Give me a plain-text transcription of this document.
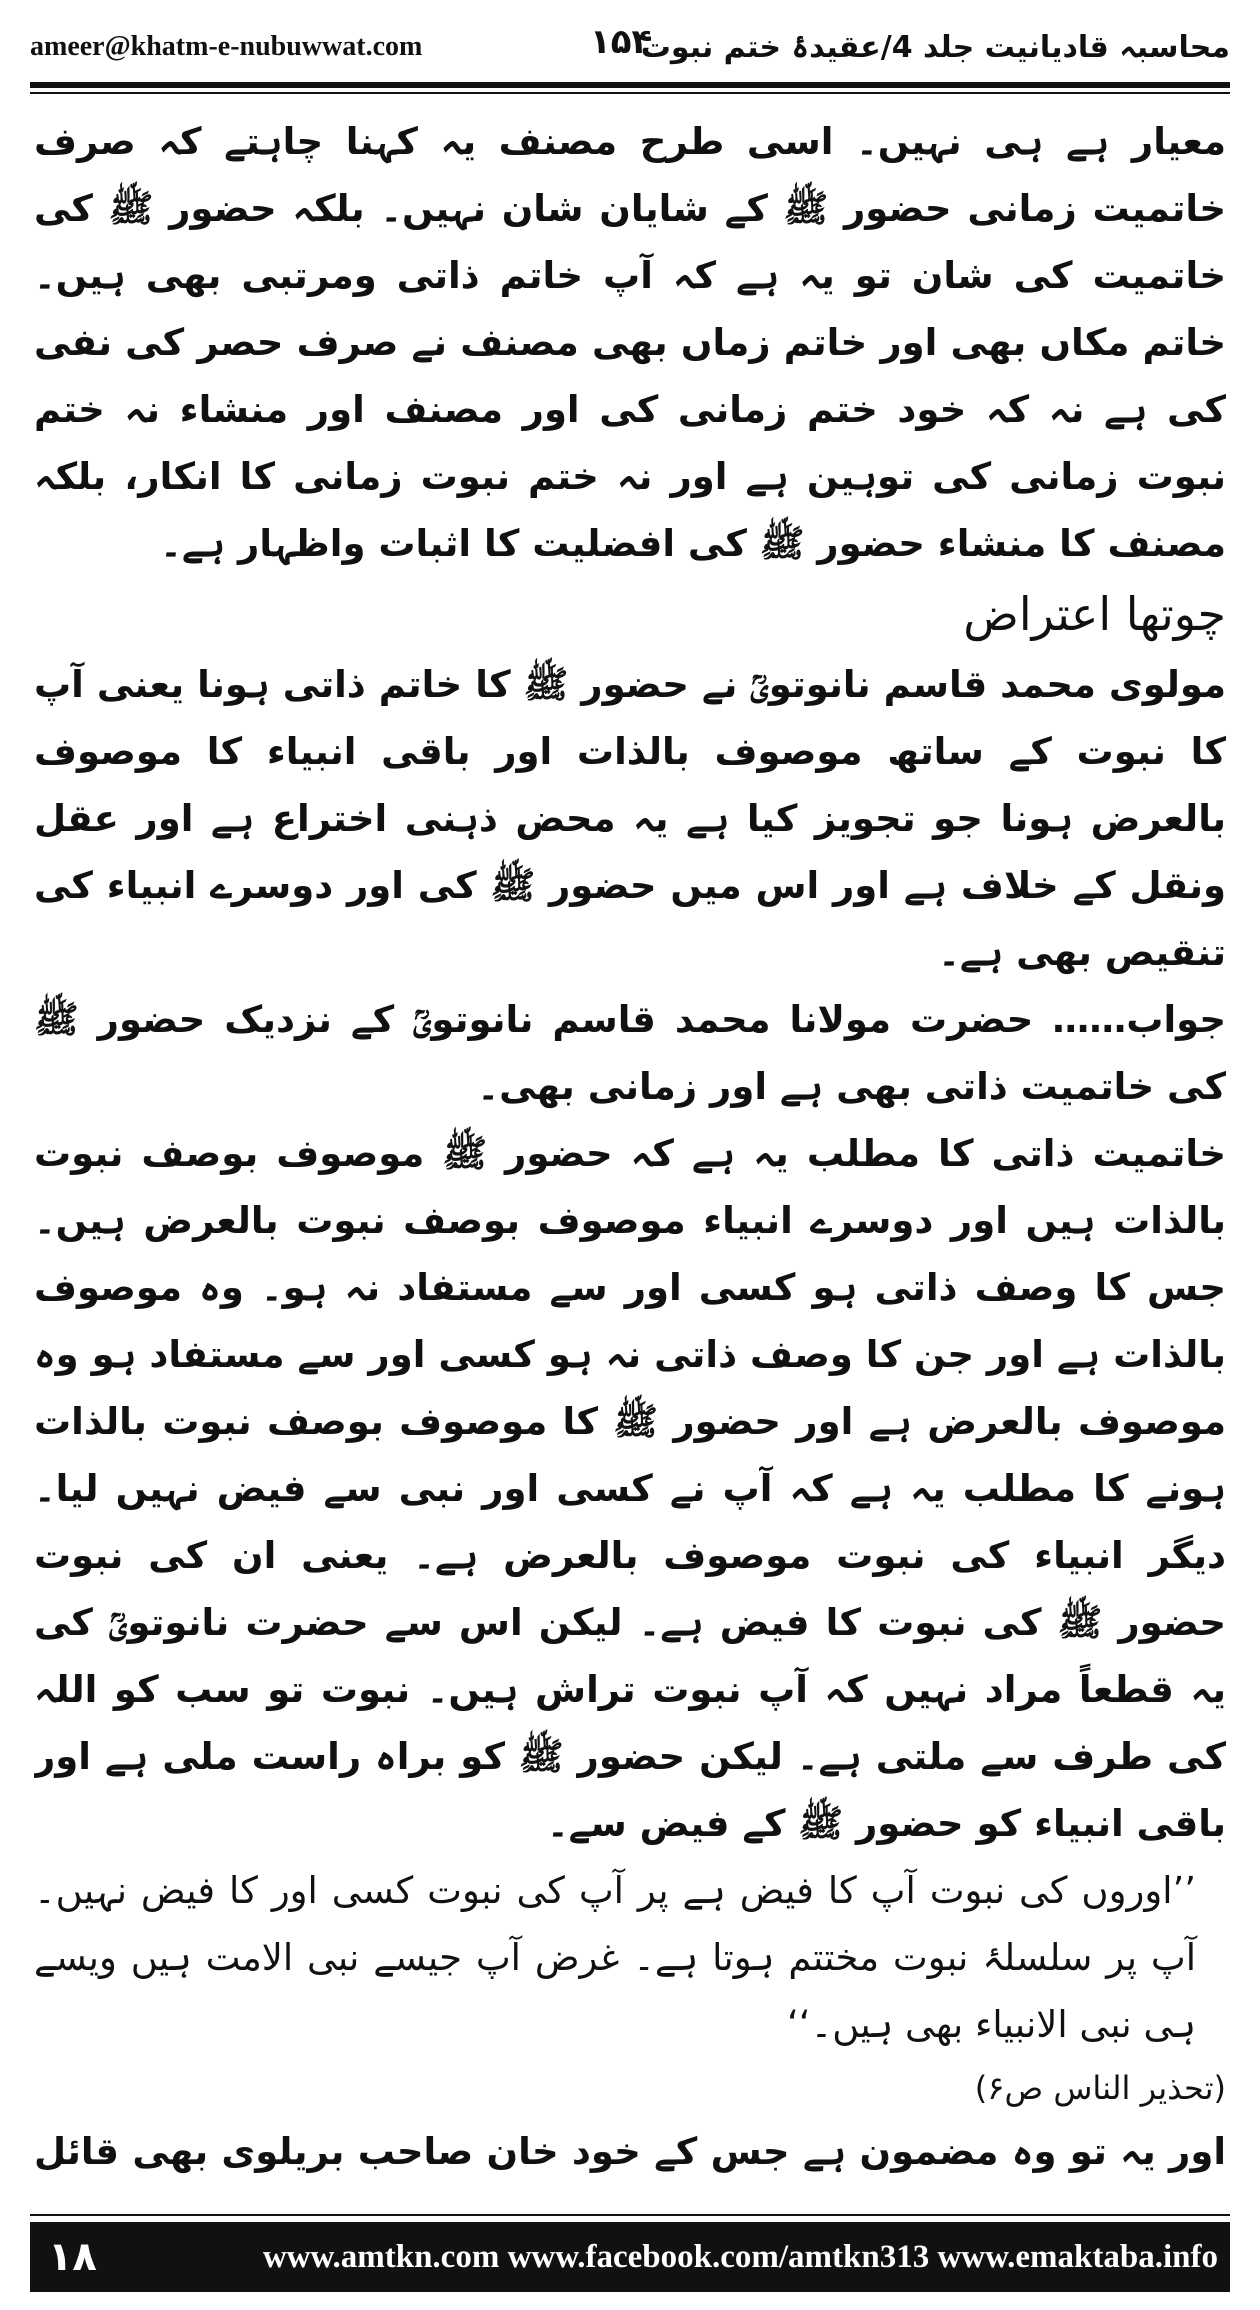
ameer@khatm-e-nubuwwat.com	۱۵۴
محاسبہ قادیانیت جلد 4/عقیدۂ ختم نبوت

معیار ہے ہی نہیں۔ اسی طرح مصنف یہ کہنا چاہتے کہ صرف خاتمیت زمانی حضور ﷺ کے شایان شان نہیں۔ بلکہ حضور ﷺ کی خاتمیت کی شان تو یہ ہے کہ آپ خاتم ذاتی ومرتبی بھی ہیں۔ خاتم مکاں بھی اور خاتم زماں بھی مصنف نے صرف حصر کی نفی کی ہے نہ کہ خود ختم زمانی کی اور مصنف اور منشاء نہ ختم نبوت زمانی کی توہین ہے اور نہ ختم نبوت زمانی کا انکار، بلکہ مصنف کا منشاء حضور ﷺ کی افضلیت کا اثبات واظہار ہے۔

چوتھا اعتراض

مولوی محمد قاسم نانوتویؒ نے حضور ﷺ کا خاتم ذاتی ہونا یعنی آپ کا نبوت کے ساتھ موصوف بالذات اور باقی انبیاء کا موصوف بالعرض ہونا جو تجویز کیا ہے یہ محض ذہنی اختراع ہے اور عقل ونقل کے خلاف ہے اور اس میں حضور ﷺ کی اور دوسرے انبیاء کی تنقیص بھی ہے۔

جواب…… حضرت مولانا محمد قاسم نانوتویؒ کے نزدیک حضور ﷺ کی خاتمیت ذاتی بھی ہے اور زمانی بھی۔

خاتمیت ذاتی کا مطلب یہ ہے کہ حضور ﷺ موصوف بوصف نبوت بالذات ہیں اور دوسرے انبیاء موصوف بوصف نبوت بالعرض ہیں۔ جس کا وصف ذاتی ہو کسی اور سے مستفاد نہ ہو۔ وہ موصوف بالذات ہے اور جن کا وصف ذاتی نہ ہو کسی اور سے مستفاد ہو وہ موصوف بالعرض ہے اور حضور ﷺ کا موصوف بوصف نبوت بالذات ہونے کا مطلب یہ ہے کہ آپ نے کسی اور نبی سے فیض نہیں لیا۔ دیگر انبیاء کی نبوت موصوف بالعرض ہے۔ یعنی ان کی نبوت حضور ﷺ کی نبوت کا فیض ہے۔ لیکن اس سے حضرت نانوتویؒ کی یہ قطعاً مراد نہیں کہ آپ نبوت تراش ہیں۔ نبوت تو سب کو اللہ کی طرف سے ملتی ہے۔ لیکن حضور ﷺ کو براہ راست ملی ہے اور باقی انبیاء کو حضور ﷺ کے فیض سے۔

’’اوروں کی نبوت آپ کا فیض ہے پر آپ کی نبوت کسی اور کا فیض نہیں۔ آپ پر سلسلۂ نبوت مختتم ہوتا ہے۔ غرض آپ جیسے نبی الامت ہیں ویسے ہی نبی الانبیاء بھی ہیں۔‘‘

(تحذیر الناس ص۶)

اور یہ تو وہ مضمون ہے جس کے خود خان صاحب بریلوی بھی قائل

۱۸	www.amtkn.com www.facebook.com/amtkn313 www.emaktaba.info
